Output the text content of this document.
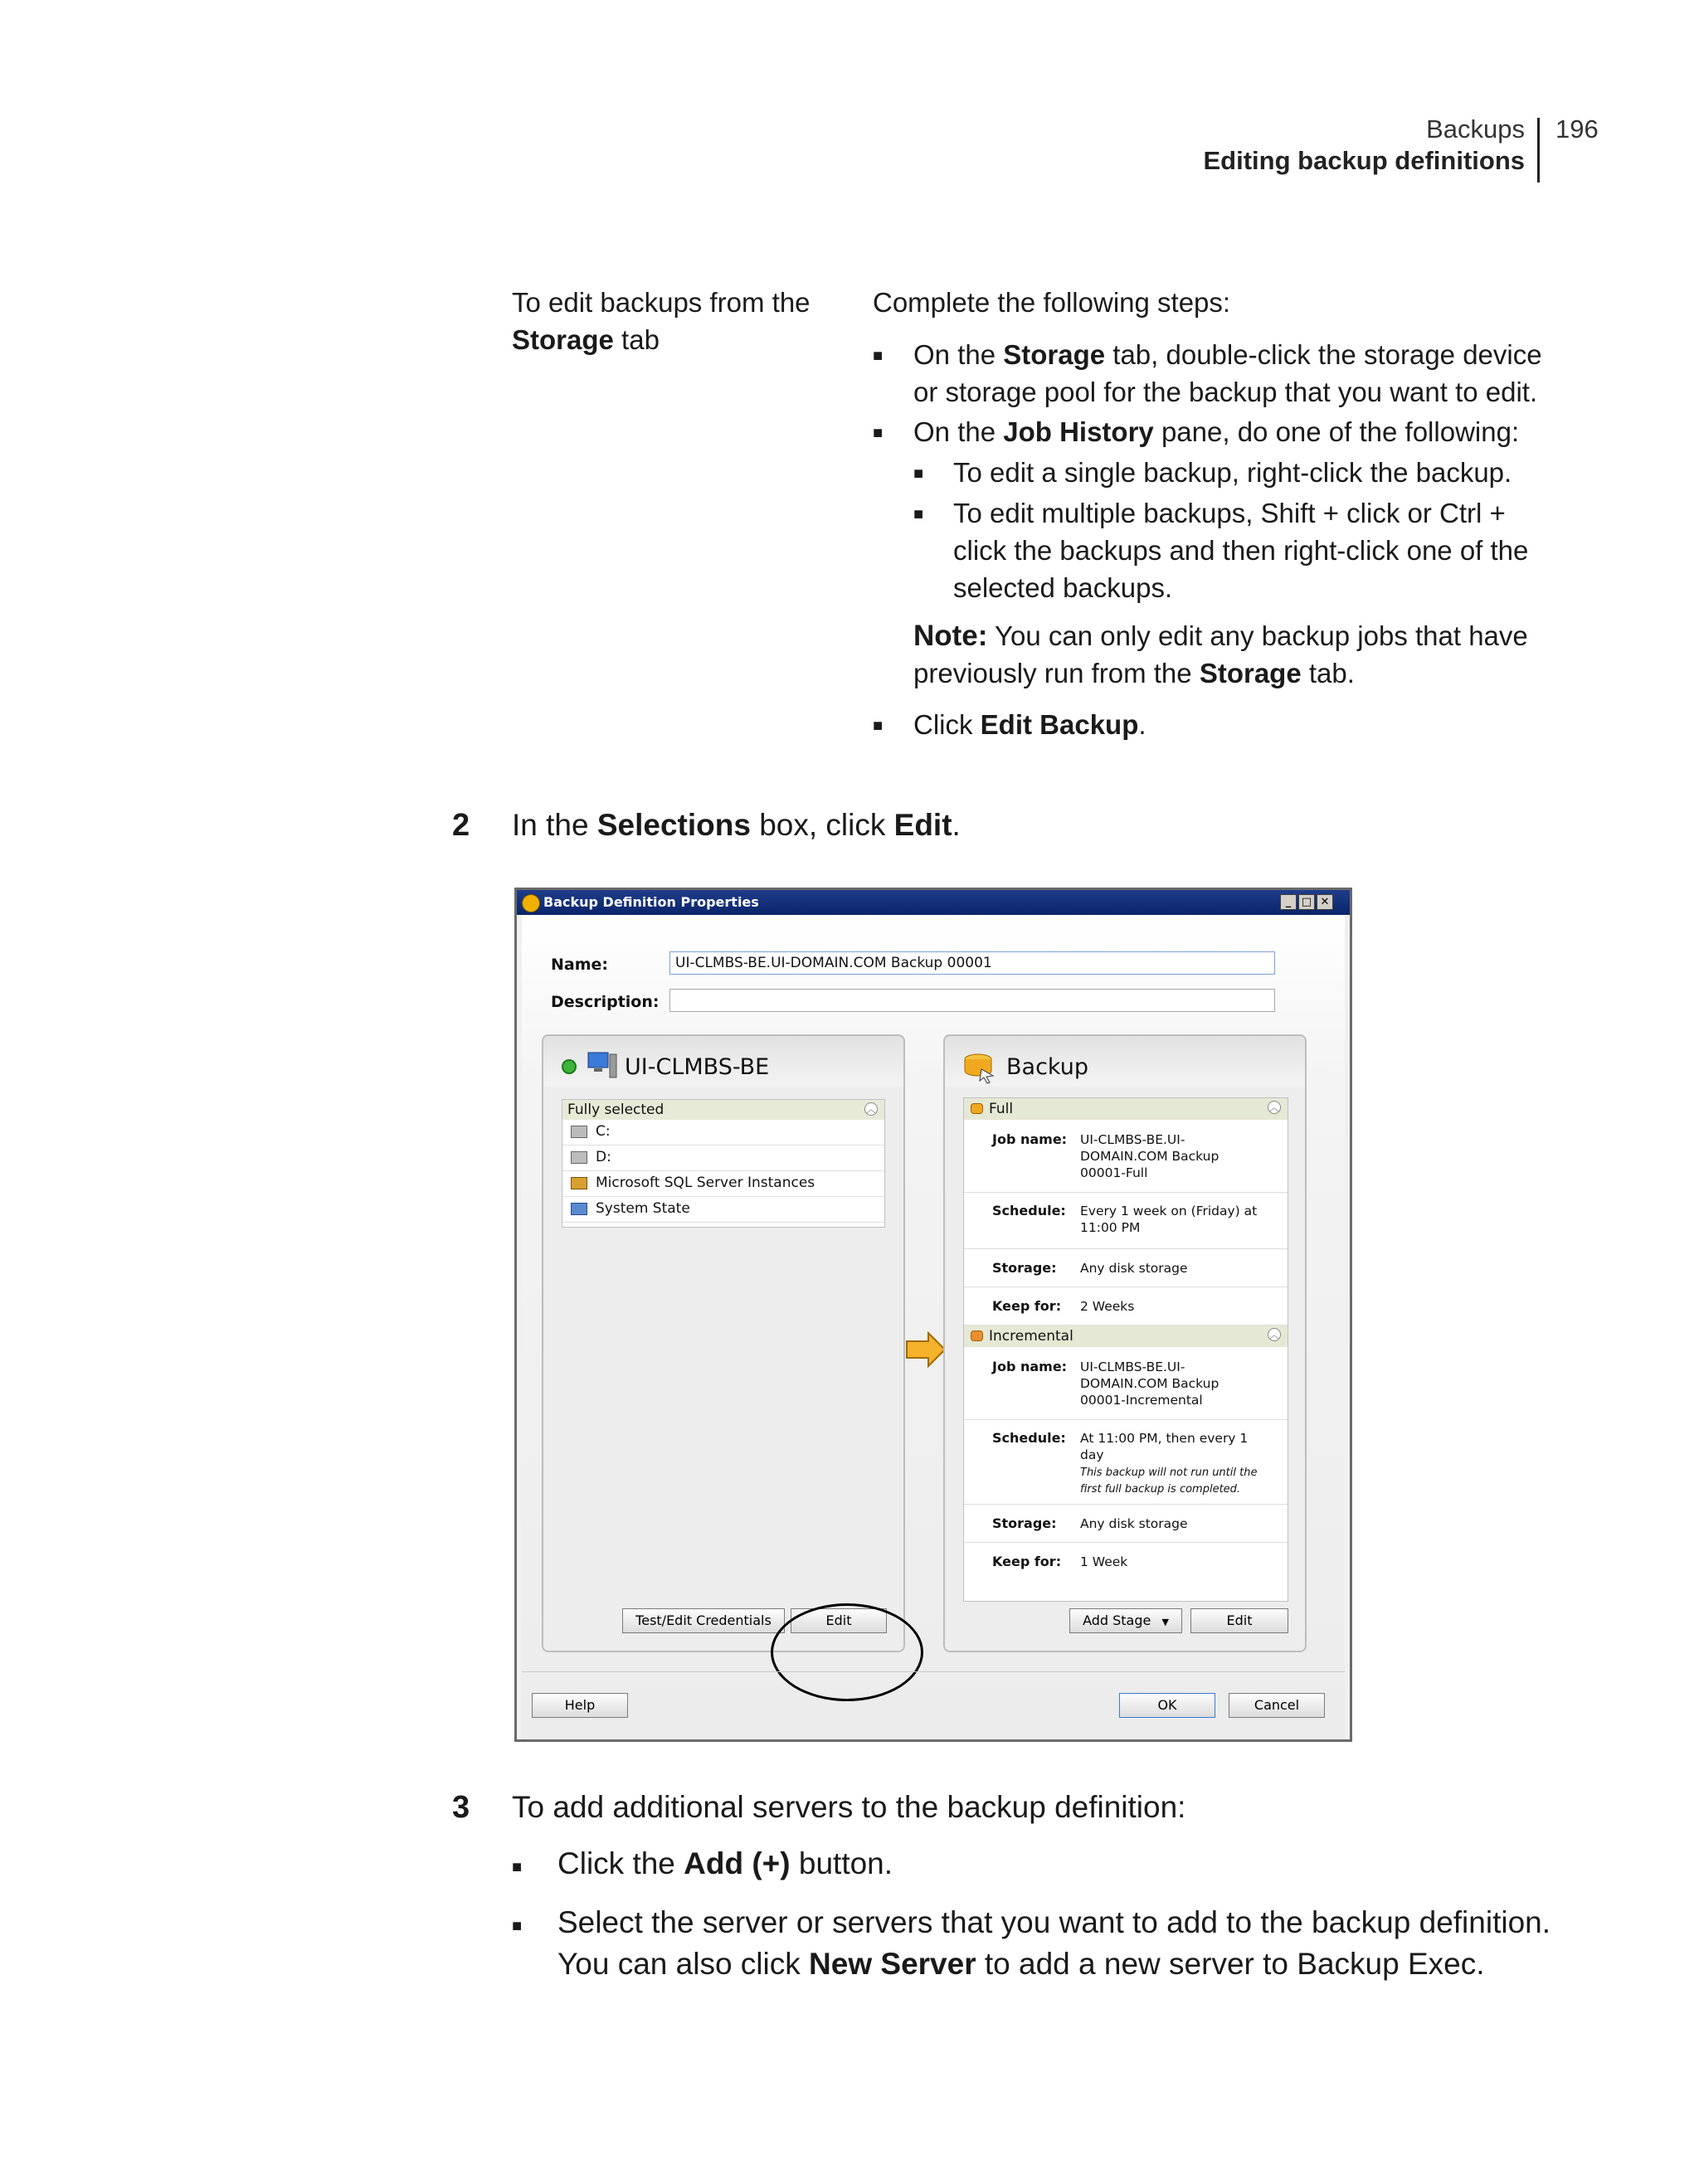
Backups
Editing backup definitions
196
To edit backups from the
Storage tab
Complete the following steps:
■ On the Storage tab, double-click the storage device
or storage pool for the backup that you want to edit.
■ On the Job History pane, do one of the following:
■ To edit a single backup, right-click the backup.
■ To edit multiple backups, Shift + click or Ctrl +
click the backups and then right-click one of the
selected backups.
Note: You can only edit any backup jobs that have
previously run from the Storage tab.
■ Click Edit Backup.
2 In the Selections box, click Edit.
Backup Definition Properties	_ □ ✕
Name:	UI-CLMBS-BE.UI-DOMAIN.COM Backup 00001
Description:
UI-CLMBS-BE
Fully selected	︿
C:
D:
Microsoft SQL Server Instances
System State
Test/Edit Credentials	Edit
Backup
Full	︿
Job name: UI-CLMBS-BE.UI-
DOMAIN.COM Backup
00001-Full
Schedule: Every 1 week on (Friday) at
11:00 PM
Storage: Any disk storage
Keep for: 2 Weeks
Incremental	︿
Job name: UI-CLMBS-BE.UI-
DOMAIN.COM Backup
00001-Incremental
Schedule: At 11:00 PM, then every 1
day
This backup will not run until the
first full backup is completed.
Storage: Any disk storage
Keep for: 1 Week
Add Stage ▼	Edit
Help	OK	Cancel
3 To add additional servers to the backup definition:
■ Click the Add (+) button.
■ Select the server or servers that you want to add to the backup definition.
You can also click New Server to add a new server to Backup Exec.
